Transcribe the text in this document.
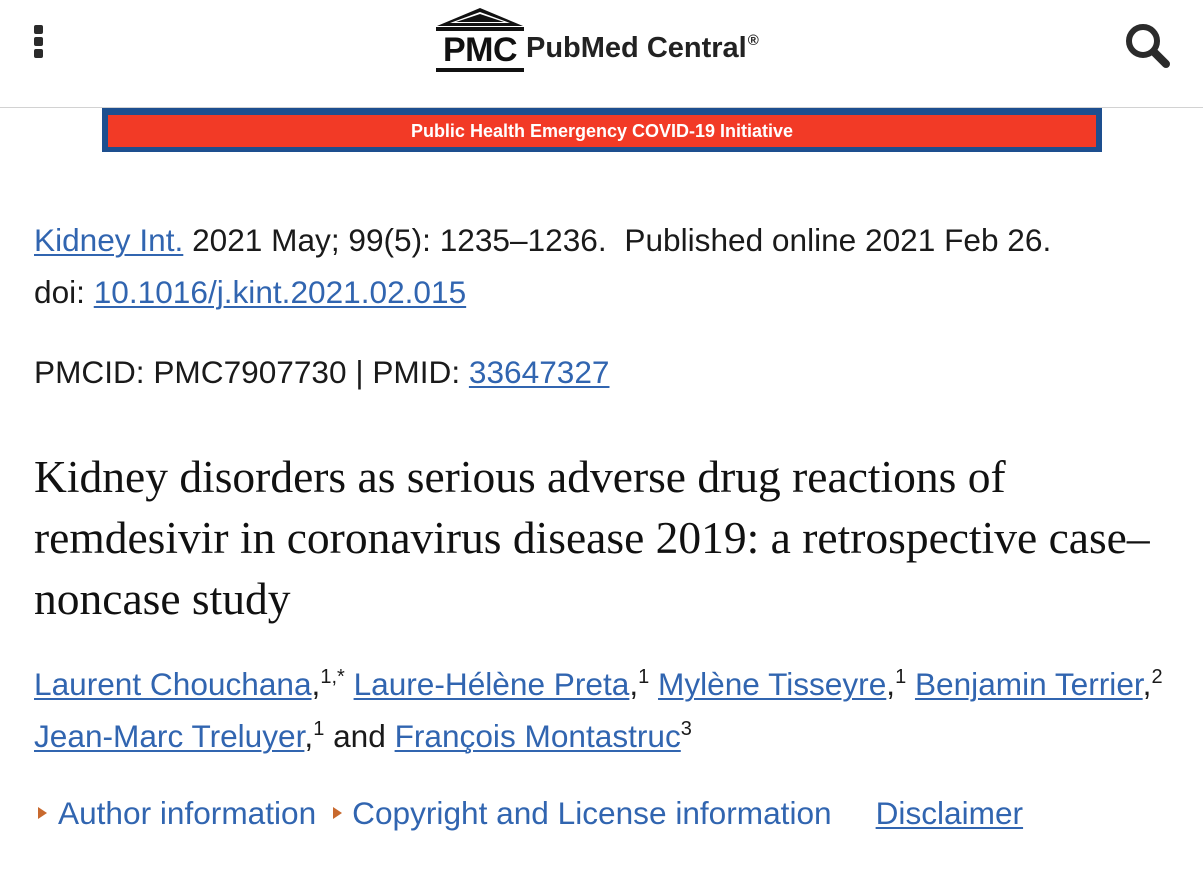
PMC PubMed Central®
Public Health Emergency COVID-19 Initiative
Kidney Int. 2021 May; 99(5): 1235–1236. Published online 2021 Feb 26.
doi: 10.1016/j.kint.2021.02.015
PMCID: PMC7907730 | PMID: 33647327
Kidney disorders as serious adverse drug reactions of remdesivir in coronavirus disease 2019: a retrospective case–noncase study
Laurent Chouchana,$^{1,*}$ Laure-Hélène Preta,$^1$ Mylène Tisseyre,$^1$ Benjamin Terrier,$^2$ Jean-Marc Treluyer,$^1$ and François Montastruc$^3$
Author information Copyright and License information Disclaimer
